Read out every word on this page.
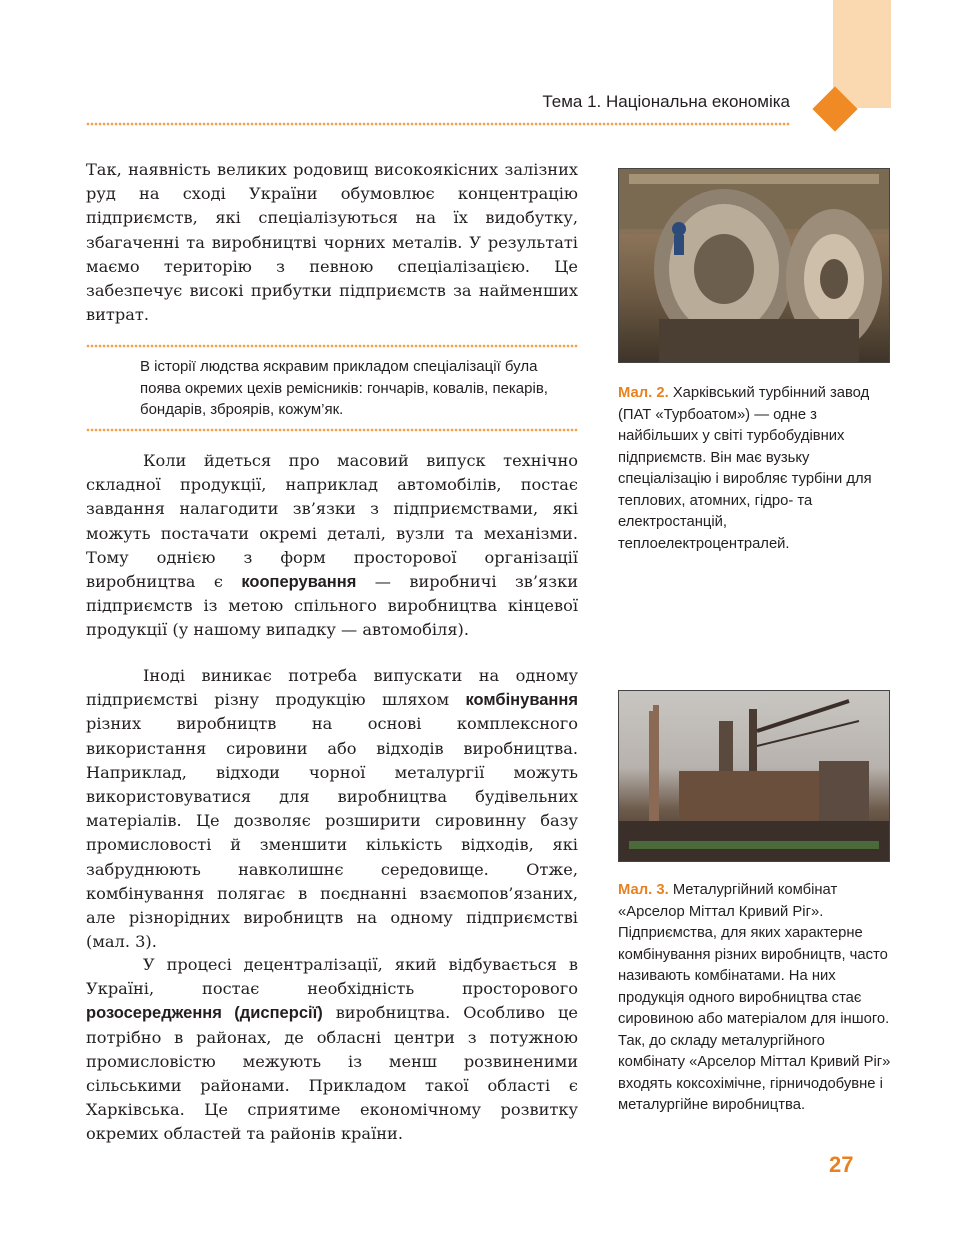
Тема 1. Національна економіка

Так, наявність великих родовищ високоякісних залізних руд на сході України обумовлює концентрацію підприємств, які спеціалізуються на їх видобутку, збагаченні та виробництві чорних металів. У результаті маємо територію з певною спеціалізацією. Це забезпечує високі прибутки підприємств за найменших витрат.

В історії людства яскравим прикладом спеціалізації була поява окремих цехів ремісників: гончарів, ковалів, пекарів, бондарів, зброярів, кожум’як.

Коли йдеться про масовий випуск технічно складної продукції, наприклад автомобілів, постає завдання налагодити зв’язки з підприємствами, які можуть постачати окремі деталі, вузли та механізми. Тому однією з форм просторової організації виробництва є кооперування — виробничі зв’язки підприємств із метою спільного виробництва кінцевої продукції (у нашому випадку — автомобіля).

Іноді виникає потреба випускати на одному підприємстві різну продукцію шляхом комбінування різних виробництв на основі комплексного використання сировини або відходів виробництва. Наприклад, відходи чорної металургії можуть використовуватися для виробництва будівельних матеріалів. Це дозволяє розширити сировинну базу промисловості й зменшити кількість відходів, які забруднюють навколишнє середовище. Отже, комбінування полягає в поєднанні взаємопов’язаних, але різнорідних виробництв на одному підприємстві (мал. 3).

У процесі децентралізації, який відбувається в Україні, постає необхідність просторового розосередження (дисперсії) виробництва. Особливо це потрібно в районах, де обласні центри з потужною промисловістю межують із менш розвиненими сільськими районами. Прикладом такої області є Харківська. Це сприятиме економічному розвитку окремих областей та районів країни.

Мал. 2. Харківський турбінний завод (ПАТ «Турбоатом») — одне з найбільших у світі турбобудівних підприємств. Він має вузьку спеціалізацію і виробляє турбіни для теплових, атомних, гідро- та електростанцій, теплоелектроцентралей.

Мал. 3. Металургійний комбінат «Арселор Міттал Кривий Ріг». Підприємства, для яких характерне комбінування різних виробництв, часто називають комбінатами. На них продукція одного виробництва стає сировиною або матеріалом для іншого. Так, до складу металургійного комбінату «Арселор Міттал Кривий Ріг» входять коксохімічне, гірничодобувне і металургійне виробництва.

27
